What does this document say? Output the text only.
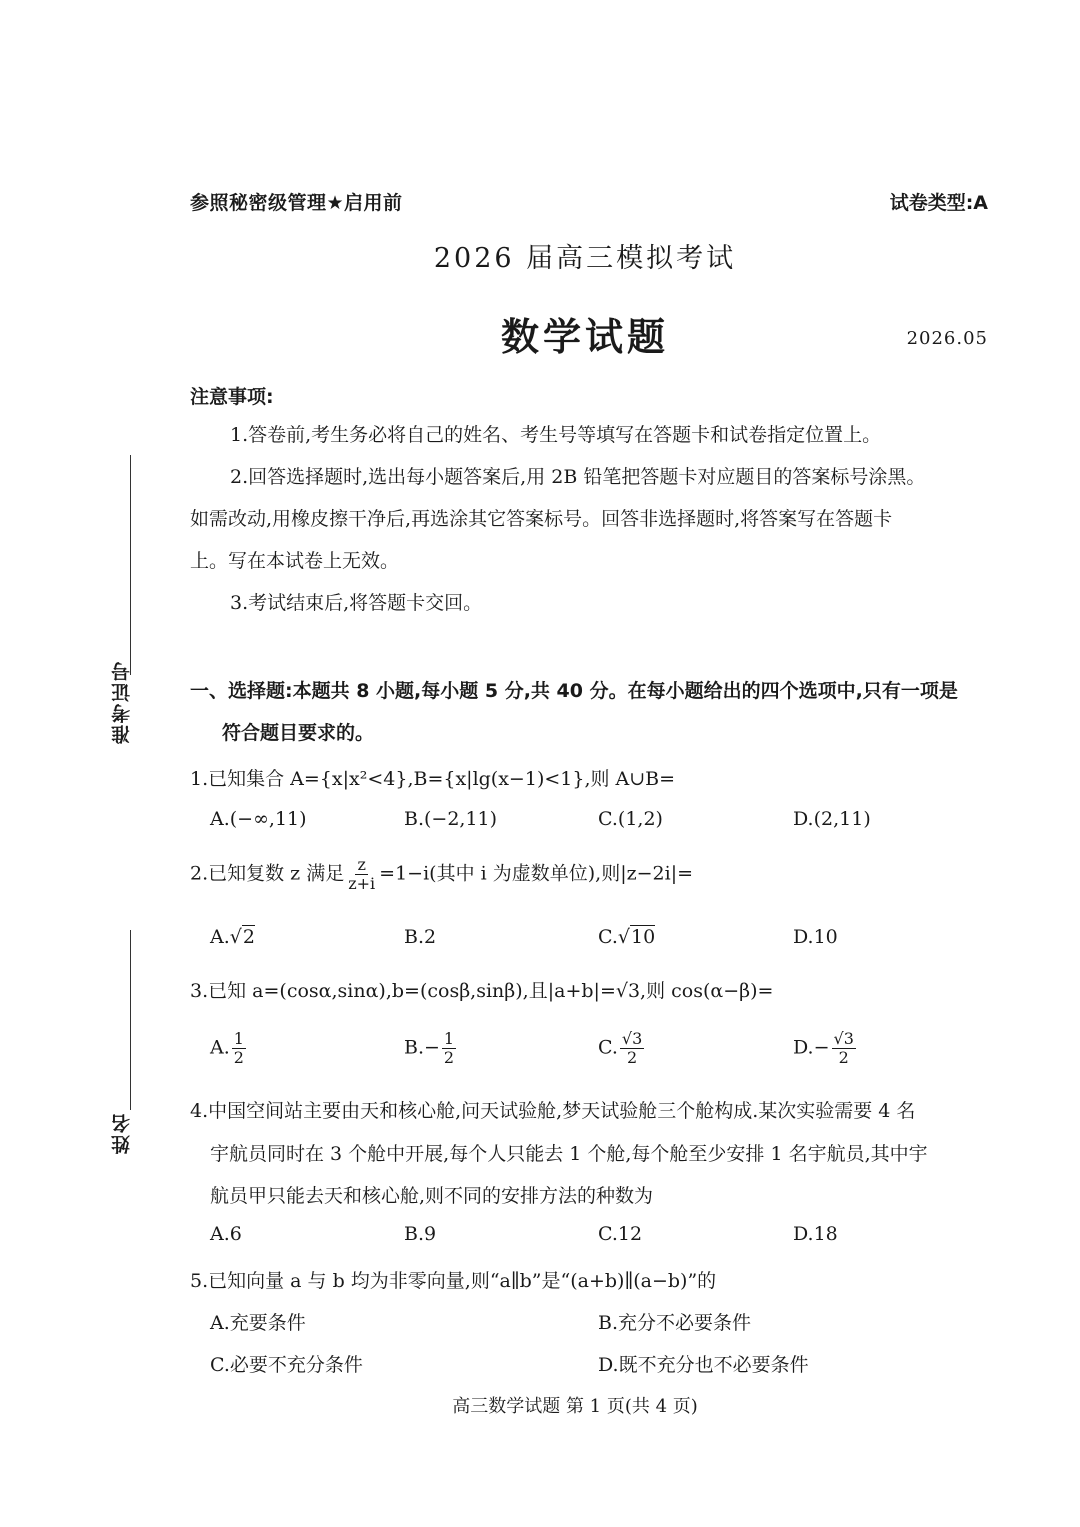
参照秘密级管理★启用前	试卷类型:A
2026 届高三模拟考试
数学试题	2026.05
注意事项:
1.答卷前,考生务必将自己的姓名、考生号等填写在答题卡和试卷指定位置上。
2.回答选择题时,选出每小题答案后,用 2B 铅笔把答题卡对应题目的答案标号涂黑。
如需改动,用橡皮擦干净后,再选涂其它答案标号。回答非选择题时,将答案写在答题卡
上。写在本试卷上无效。
3.考试结束后,将答题卡交回。
准考证号
姓名
一、选择题:本题共 8 小题,每小题 5 分,共 40 分。在每小题给出的四个选项中,只有一项是
符合题目要求的。
1.已知集合 A={x|x²<4},B={x|lg(x−1)<1},则 A∪B=
A.(−∞,11)	B.(−2,11)	C.(1,2)	D.(2,11)
2.已知复数 z 满足 $\frac{z}{z+i} =1-i$(其中 i 为虚数单位),则|z−2i|=
A.√2	B.2	C.√10	D.10
3.已知 a=(cosα,sinα),b=(cosβ,sinβ),且|a+b|=√3,则 cos(α−β)=
A. $\frac{1}{2}$	$B.- \frac{1}{2}$	C. $\frac{√3}{2}$	$D.- \frac{√3}{2}$
4.中国空间站主要由天和核心舱,问天试验舱,梦天试验舱三个舱构成.某次实验需要 4 名
宇航员同时在 3 个舱中开展,每个人只能去 1 个舱,每个舱至少安排 1 名宇航员,其中宇
航员甲只能去天和核心舱,则不同的安排方法的种数为
A.6	B.9	C.12	D.18
5.已知向量 a 与 b 均为非零向量,则“a∥b”是“(a+b)∥(a−b)”的
A.充要条件	B.充分不必要条件
C.必要不充分条件	D.既不充分也不必要条件
高三数学试题 第 1 页(共 4 页)
